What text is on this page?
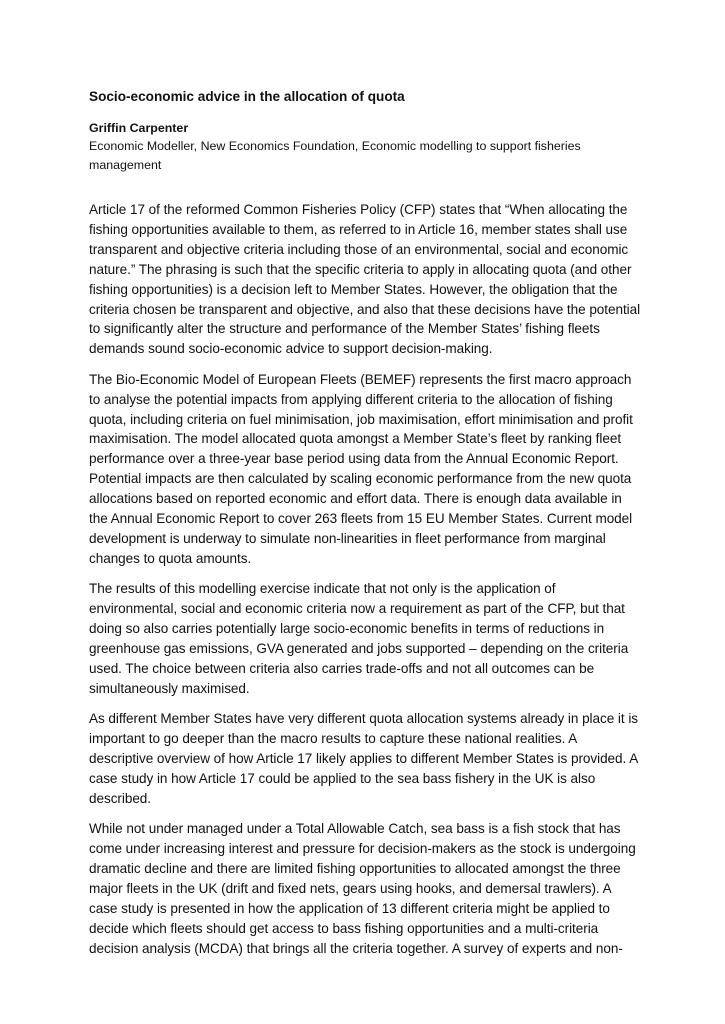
Socio-economic advice in the allocation of quota
Griffin Carpenter
Economic Modeller, New Economics Foundation, Economic modelling to support fisheries management

Article 17 of the reformed Common Fisheries Policy (CFP) states that “When allocating the fishing opportunities available to them, as referred to in Article 16, member states shall use transparent and objective criteria including those of an environmental, social and economic nature.” The phrasing is such that the specific criteria to apply in allocating quota (and other fishing opportunities) is a decision left to Member States. However, the obligation that the criteria chosen be transparent and objective, and also that these decisions have the potential to significantly alter the structure and performance of the Member States’ fishing fleets demands sound socio-economic advice to support decision-making.

The Bio-Economic Model of European Fleets (BEMEF) represents the first macro approach to analyse the potential impacts from applying different criteria to the allocation of fishing quota, including criteria on fuel minimisation, job maximisation, effort minimisation and profit maximisation. The model allocated quota amongst a Member State’s fleet by ranking fleet performance over a three-year base period using data from the Annual Economic Report. Potential impacts are then calculated by scaling economic performance from the new quota allocations based on reported economic and effort data. There is enough data available in the Annual Economic Report to cover 263 fleets from 15 EU Member States. Current model development is underway to simulate non-linearities in fleet performance from marginal changes to quota amounts.

The results of this modelling exercise indicate that not only is the application of environmental, social and economic criteria now a requirement as part of the CFP, but that doing so also carries potentially large socio-economic benefits in terms of reductions in greenhouse gas emissions, GVA generated and jobs supported – depending on the criteria used. The choice between criteria also carries trade-offs and not all outcomes can be simultaneously maximised.

As different Member States have very different quota allocation systems already in place it is important to go deeper than the macro results to capture these national realities. A descriptive overview of how Article 17 likely applies to different Member States is provided. A case study in how Article 17 could be applied to the sea bass fishery in the UK is also described.

While not under managed under a Total Allowable Catch, sea bass is a fish stock that has come under increasing interest and pressure for decision-makers as the stock is undergoing dramatic decline and there are limited fishing opportunities to allocated amongst the three major fleets in the UK (drift and fixed nets, gears using hooks, and demersal trawlers). A case study is presented in how the application of 13 different criteria might be applied to decide which fleets should get access to bass fishing opportunities and a multi-criteria decision analysis (MCDA) that brings all the criteria together. A survey of experts and non-
